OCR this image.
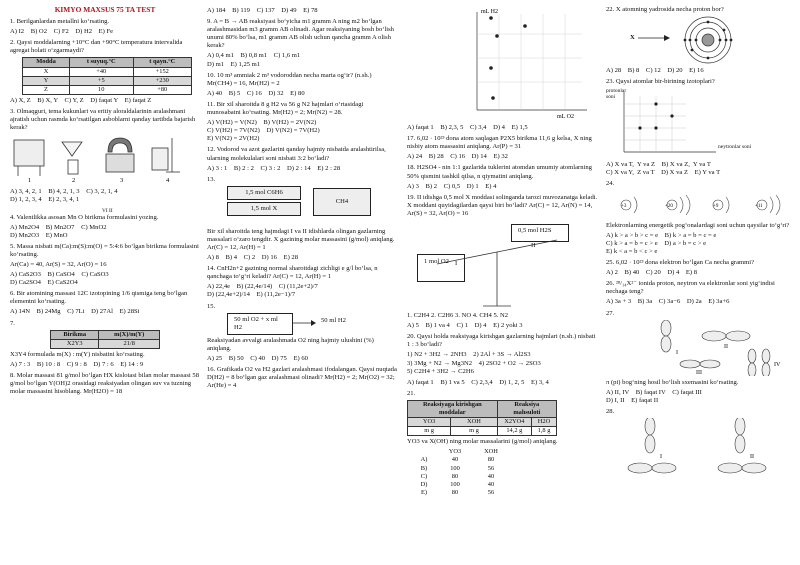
KIMYO MAXSUS 75 TA TEST
1. Berilganlardan metallni ko‘rsating.
A) I2    B) O2    C) F2    D) H2    E) Fe
2. Qaysi moddalarning +10°C dan +90°C temperatura intervalida agregat holati o‘zgarmaydi?
Modda	t suyuq.°C	t qayn.°C
X	+40	+152
Y	+5	+230
Z	10	+80
A) X, Z    B) X, Y    C) Y, Z    D) faqat Y    E) faqat Z
3. Olmaqguri, tema kukunlari va eritiy aloraldalarinin aralashmani ajratish uchun rasmda ko‘rsatilgan asboblarni qanday tartibda bajarish kerak?
1	2	3	4
A) 3, 4, 2, 1    B) 4, 2, 1, 3    C) 3, 2, 1, 4
D) 1, 2, 3, 4    E) 2, 3, 4, 1
VI II
4. Valentlikka asosan Mn O birikma formulasini yozing.
A) Mn2O4    B) Mn2O7    C) MnO2
D) Mn2O3    E) MnO
5. Massa nisbati m(Ca):m(S):m(O) = 5:4:6 bo‘lgan birikma formulasini ko‘rsating.
Ar(Ca) = 40, Ar(S) = 32, Ar(O) = 16
A) CaS2O3    B) CaSO4    C) CaSO3
D) Ca2SO4    E) CaS2O4
6. Bir atomining massasi 12C izotopining 1/6 qismiga teng bo‘lgan elementni ko‘rsating.
A) 14N    B) 24Mg    C) 7Li    D) 27Al    E) 28Si
7.
Birikma	m(X)/m(Y)
X2Y3	21/8
X3Y4 formulada m(X) : m(Y) nisbatini ko‘rsating.
A) 7 : 3    B) 10 : 8    C) 9 : 8    D) 7 : 6    E) 14 : 9
8. Molar massasi 81 g/mol bo‘lgan HX kislotasi bilan molar massasi 58 g/mol bo‘lgan Y(OH)2 orasidagi reaksiyadan olingan suv va tuzning molar massasini hisoblang. Mr(H2O) = 18
A) 184    B) 119    C) 137    D) 49    E) 78
9. A = B → AB reaksiyasi bo‘yicha m1 gramm A ning m2 bo‘lgan aralashmasidan m3 gramm AB olinadi. Agar reaksiyaning bosh bo‘lish unumi 80% bo‘lsa, m1 gramm AB olish uchun qancha gramm A olish kerak?
A) 0,4 m1    B) 0,8 m1    C) 1,6 m1
D) m1    E) 1,25 m1
10. 10 m³ ammiak 2 m³ vodoroddan necha marta og‘ir? (n.sh.) Mr(CH4) = 16, Mr(H2) = 2
A) 40    B) 5    C) 16    D) 32    E) 80
11. Bir xil sharoitda 8 g H2 va 56 g N2 hajmlari o‘rtasidagi munosabatni ko‘rsating. Mr(H2) = 2; Mr(N2) = 28.
A) V(H2) = V(N2)    B) V(H2) = 2V(N2)
C) V(H2) = 7V(N2)    D) V(N2) = 7V(H2)
E) V(N2) = 2V(H2)
12. Vodorod va azot gazlarini qanday hajmiy nisbatda aralashtirilsa, ularning molekulalari soni nisbati 3:2 bo‘ladi?
A) 3 : 1    B) 2 : 2    C) 3 : 2    D) 2 : 14    E) 2 : 28
13.
1,5 mol C6H6
1,5 mol X
CH4
Bir xil sharoitda teng hajmdagi I va II idishlarda olingan gazlarning massalari o‘zaro tengdir. X gazining molar massasini (g/mol) aniqlang. Ar(C) = 12, Ar(H) = 1
A) 8    B) 4    C) 2    D) 16    E) 28
14. CnH2n+2 gazining normal sharoitdagi zichligi e g/l bo‘lsa, n qanchaga to‘g‘ri keladi? Ar(C) = 12, Ar(H) = 1
A) 22,4e    B) (22,4e/14)    C) (11,2e+2)/7
D) (22,4e+2)/14    E) (11,2e−1)/7
15.
50 ml O2 + x ml H2
50 ml H2
Reaksiyadan avvalgi aralashmada O2 ning hajmiy ulushini (%) aniqlang.
A) 25    B) 50    C) 40    D) 75    E) 60
16. Grafikada O2 va H2 gazlari aralashmasi ifodalangan. Qaysi nuqtada D(H2) = 8 bo‘lgan gaz aralashmasi olinadi? Mr(H2) = 2; Mr(O2) = 32; Ar(He) = 4
mL H2
mL O2
A) faqat 1    B) 2,3, 5    C) 3,4    D) 4    E) 1,5
17. 6,02 · 10²³ dona atom saqlagan P2X5 birikma 11,6 g kelsa, X ning nisbiy atom massasini aniqlang. Ar(P) = 31
A) 24    B) 28    C) 16    D) 14    E) 32
18. H2SO4 - nin 1:1 gazlarida tuklerini atomdan umumiy atomlarning 50% qismini tashkil qilsa, n qiymatini aniqlang.
A) 3    B) 2    C) 0,5    D) 1    E) 4
19. II idishga 0,5 mol X moddasi solinganda tarozi muvozanatga keladi. X moddani quyidagilardan qaysi biri bo‘ladi? Ar(C) = 12, Ar(N) = 14, Ar(S) = 32, Ar(O) = 16
1 mol O2 I
0,5 mol H2S
II
1. C2H4 2. C2H6 3. NO 4. CH4 5. N2
A) 5    B) 1 va 4    C) 1    D) 4    E) 2 yoki 3
20. Qaysi holda reaksiyaga kirishgan gazlarning hajmlari (n.sh.) nisbati 1 : 3 bo‘ladi?
1) N2 + 3H2 → 2NH3    2) 2Al + 3S → Al2S3
3) 3Mg + N2 → Mg3N2    4) 2SO2 + O2 → 2SO3
5) C2H4 + 3H2 → C2H6
A) faqat 1    B) 1 va 5    C) 2,3,4    D) 1, 2, 5    E) 3, 4
21.
Reaksiyaga kirishgan moddalar		Reaksiya mahsuloti	
YO3	XOH	X2YO4	H2O
m g	m g	14,2 g	1,8 g
YO3 va X(OH) ning molar massalarini (g/mol) aniqlang.
	YO3	XOH
A)	40	80
B)	100	56
C)	80	40
D)	100	40
E)	80	56
22. X atomning yadrosida necha proton bor?
X
A) 28    B) 8    C) 12    D) 20    E) 16
23. Qaysi atomlar bir-birining izotoplari?
protonlar soni
neytronlar soni
A) X va T,  Y va Z    B) X va Z,  Y va T
C) X va Y,  Z va T    D) X va Z    E) Y va T
24.
+3	+20	+9	+11
Elektronlarning energetik pog‘onalardagi soni uchun qaysilar to‘g‘ri?
A) k > a > b > c = e    B) k > a = b = c = e
C) k > a = b = c > e    D) a > b = c > e
E) k < a = b < c > e
25. 6,02 · 10²³ dona elektron bo‘lgan Ca necha grammi?
A) 2    B) 40    C) 20    D) 4    E) 8
26. ²⁸/₁₄X²⁻ ionida proton, neytron va elektronlar soni yig‘indisi nechaga teng?
A) 3a + 3    B) 3a    C) 3a−6    D) 2a    E) 3a+6
27.
I
II
III
IV
π (pi) bog‘ning hosil bo‘lish sxemasini ko‘rsating.
A) II, IV    B) faqat IV    C) faqat III
D) I, II    E) faqat II
28.
I	II
